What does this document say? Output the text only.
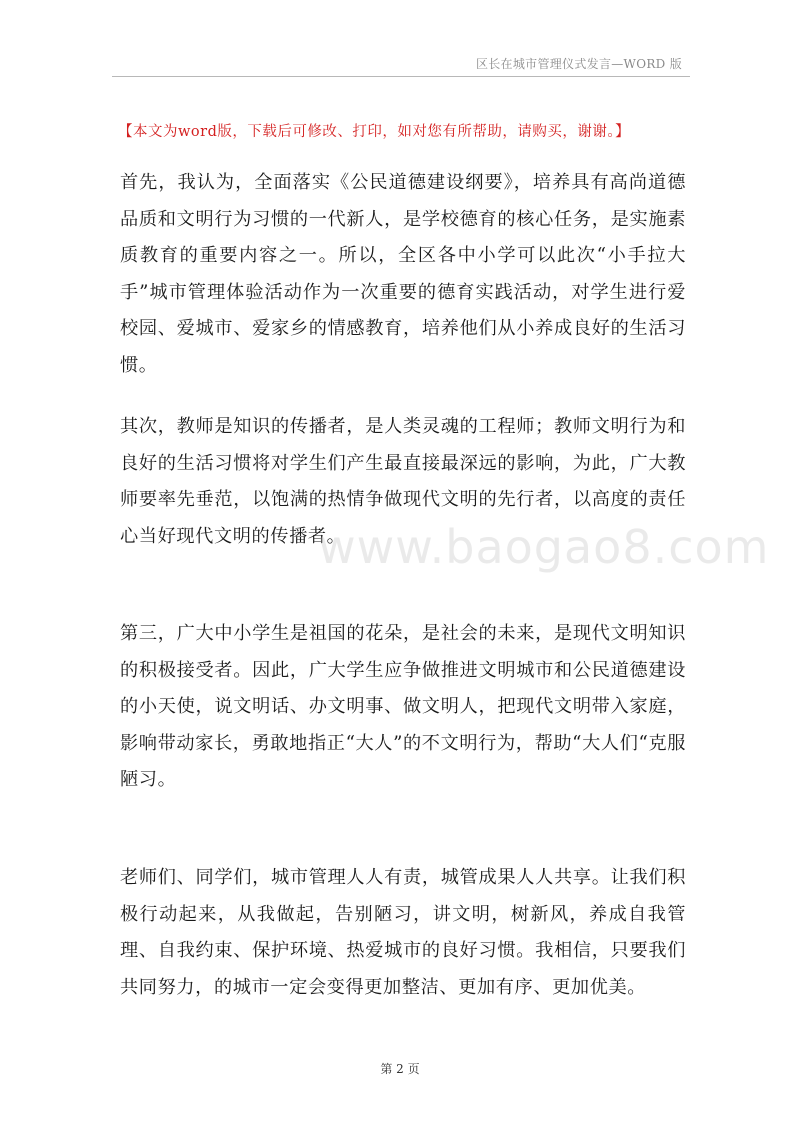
区长在城市管理仪式发言—WORD 版
【本文为word版，下载后可修改、打印，如对您有所帮助，请购买，谢谢。】

首先，我认为，全面落实《公民道德建设纲要》，培养具有高尚道德品质和文明行为习惯的一代新人，是学校德育的核心任务，是实施素质教育的重要内容之一。所以，全区各中小学可以此次“小手拉大手”城市管理体验活动作为一次重要的德育实践活动，对学生进行爱校园、爱城市、爱家乡的情感教育，培养他们从小养成良好的生活习惯。

其次，教师是知识的传播者，是人类灵魂的工程师；教师文明行为和良好的生活习惯将对学生们产生最直接最深远的影响，为此，广大教师要率先垂范，以饱满的热情争做现代文明的先行者，以高度的责任心当好现代文明的传播者。

第三，广大中小学生是祖国的花朵，是社会的未来，是现代文明知识的积极接受者。因此，广大学生应争做推进文明城市和公民道德建设的小天使，说文明话、办文明事、做文明人，把现代文明带入家庭，影响带动家长，勇敢地指正“大人”的不文明行为，帮助“大人们“克服陋习。

老师们、同学们，城市管理人人有责，城管成果人人共享。让我们积极行动起来，从我做起，告别陋习，讲文明，树新风，养成自我管理、自我约束、保护环境、热爱城市的良好习惯。我相信，只要我们共同努力，的城市一定会变得更加整洁、更加有序、更加优美。

www.baogao8.com
第 2 页
